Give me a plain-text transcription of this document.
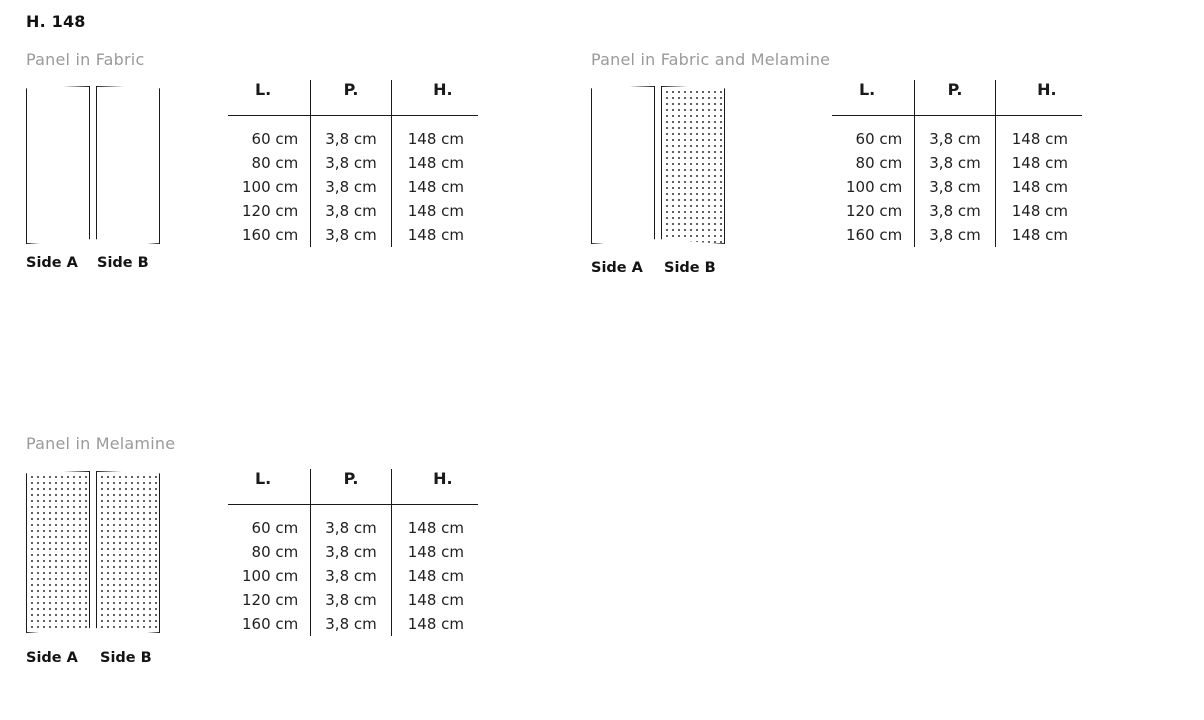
H. 148
Panel in Fabric
Side A Side B
L.	P.	H.
60 cm	3,8 cm	148 cm
80 cm	3,8 cm	148 cm
100 cm	3,8 cm	148 cm
120 cm	3,8 cm	148 cm
160 cm	3,8 cm	148 cm
Panel in Fabric and Melamine
Side A Side B
L.	P.	H.
60 cm	3,8 cm	148 cm
80 cm	3,8 cm	148 cm
100 cm	3,8 cm	148 cm
120 cm	3,8 cm	148 cm
160 cm	3,8 cm	148 cm
Panel in Melamine
Side A Side B
L.	P.	H.
60 cm	3,8 cm	148 cm
80 cm	3,8 cm	148 cm
100 cm	3,8 cm	148 cm
120 cm	3,8 cm	148 cm
160 cm	3,8 cm	148 cm
